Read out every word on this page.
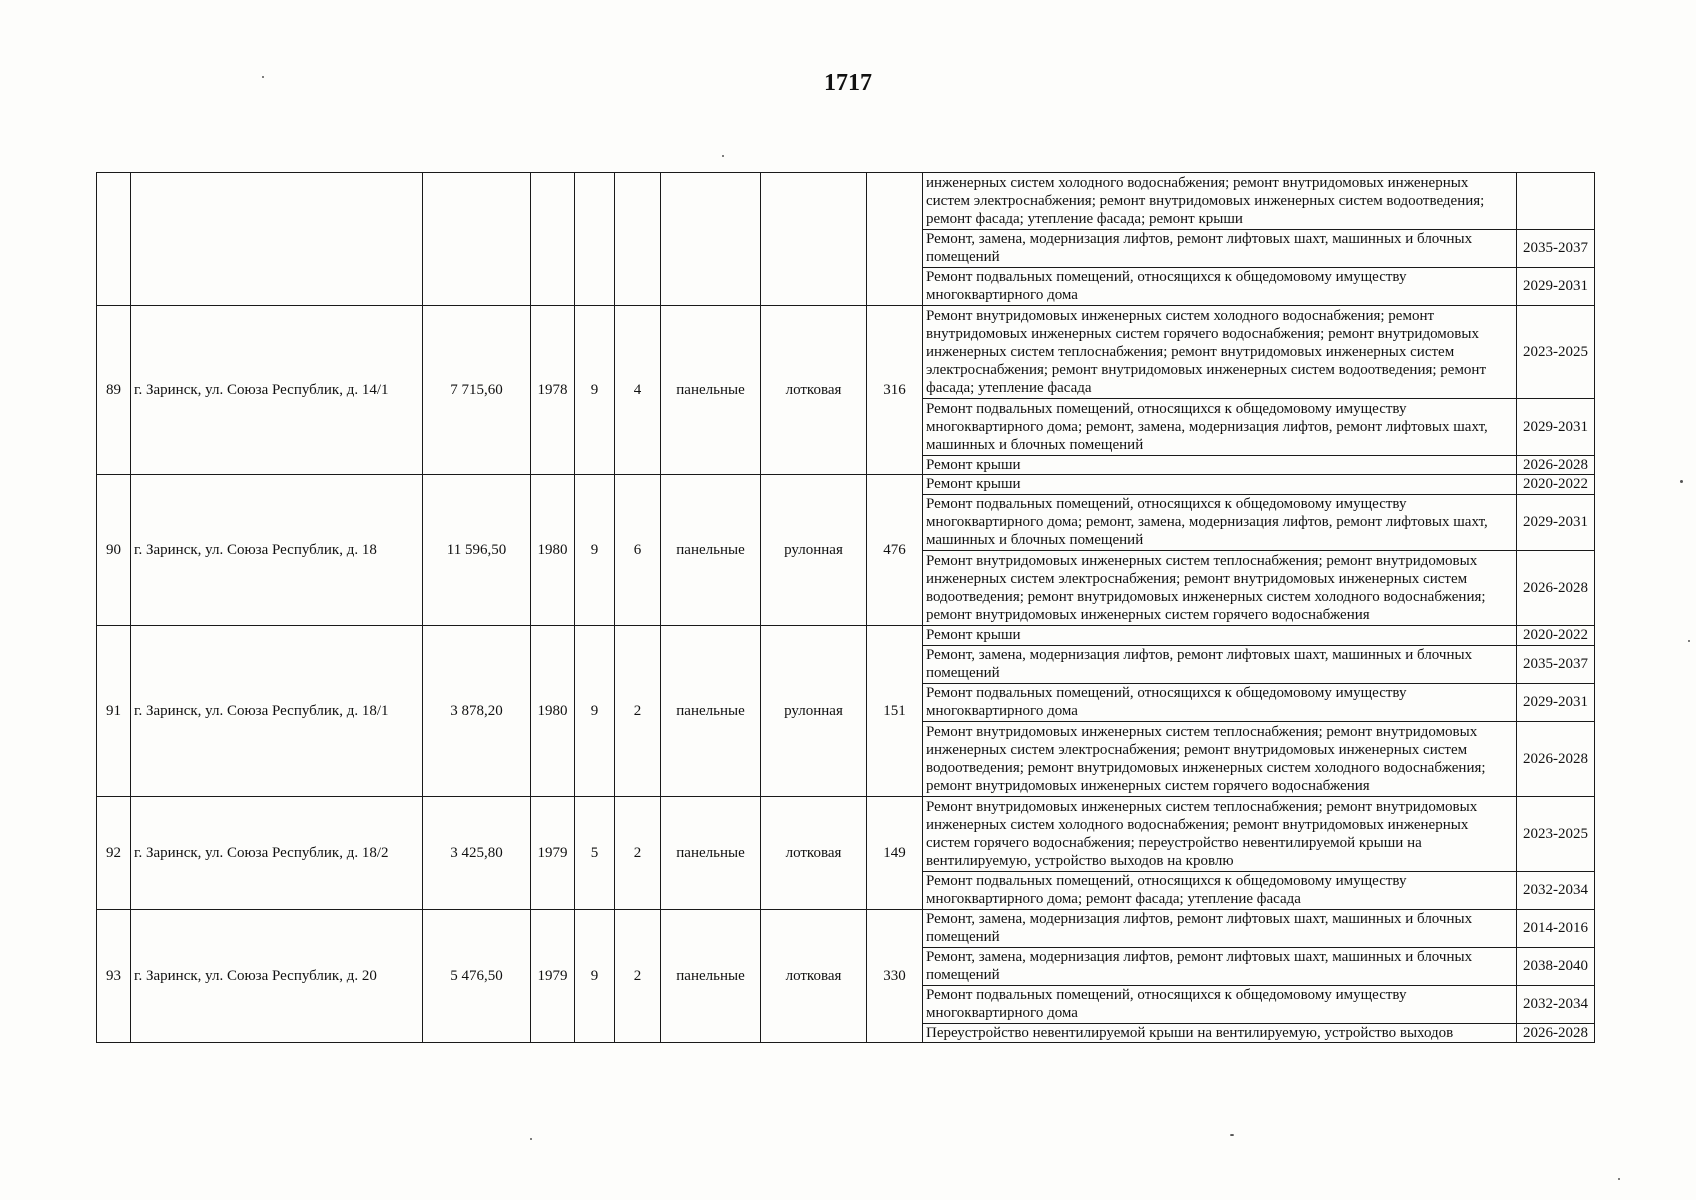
1717
									инженерных систем холодного водоснабжения; ремонт внутридомовых инженерных систем электроснабжения; ремонт внутридомовых инженерных систем водоотведения; ремонт фасада; утепление фасада; ремонт крыши	
									Ремонт, замена, модернизация лифтов, ремонт лифтовых шахт, машинных и блочных помещений	2035-2037
									Ремонт подвальных помещений, относящихся к общедомовому имуществу многоквартирного дома	2029-2031
89	г. Заринск, ул. Союза Республик, д. 14/1	7 715,60	1978	9	4	панельные	лотковая	316	Ремонт внутридомовых инженерных систем холодного водоснабжения; ремонт внутридомовых инженерных систем горячего водоснабжения; ремонт внутридомовых инженерных систем теплоснабжения; ремонт внутридомовых инженерных систем электроснабжения; ремонт внутридомовых инженерных систем водоотведения; ремонт фасада; утепление фасада	2023-2025
									Ремонт подвальных помещений, относящихся к общедомовому имуществу многоквартирного дома; ремонт, замена, модернизация лифтов, ремонт лифтовых шахт, машинных и блочных помещений	2029-2031
									Ремонт крыши	2026-2028
90	г. Заринск, ул. Союза Республик, д. 18	11 596,50	1980	9	6	панельные	рулонная	476	Ремонт крыши	2020-2022
									Ремонт подвальных помещений, относящихся к общедомовому имуществу многоквартирного дома; ремонт, замена, модернизация лифтов, ремонт лифтовых шахт, машинных и блочных помещений	2029-2031
									Ремонт внутридомовых инженерных систем теплоснабжения; ремонт внутридомовых инженерных систем электроснабжения; ремонт внутридомовых инженерных систем водоотведения; ремонт внутридомовых инженерных систем холодного водоснабжения; ремонт внутридомовых инженерных систем горячего водоснабжения	2026-2028
91	г. Заринск, ул. Союза Республик, д. 18/1	3 878,20	1980	9	2	панельные	рулонная	151	Ремонт крыши	2020-2022
									Ремонт, замена, модернизация лифтов, ремонт лифтовых шахт, машинных и блочных помещений	2035-2037
									Ремонт подвальных помещений, относящихся к общедомовому имуществу многоквартирного дома	2029-2031
									Ремонт внутридомовых инженерных систем теплоснабжения; ремонт внутридомовых инженерных систем электроснабжения; ремонт внутридомовых инженерных систем водоотведения; ремонт внутридомовых инженерных систем холодного водоснабжения; ремонт внутридомовых инженерных систем горячего водоснабжения	2026-2028
92	г. Заринск, ул. Союза Республик, д. 18/2	3 425,80	1979	5	2	панельные	лотковая	149	Ремонт внутридомовых инженерных систем теплоснабжения; ремонт внутридомовых инженерных систем холодного водоснабжения; ремонт внутридомовых инженерных систем горячего водоснабжения; переустройство невентилируемой крыши на вентилируемую, устройство выходов на кровлю	2023-2025
									Ремонт подвальных помещений, относящихся к общедомовому имуществу многоквартирного дома; ремонт фасада; утепление фасада	2032-2034
93	г. Заринск, ул. Союза Республик, д. 20	5 476,50	1979	9	2	панельные	лотковая	330	Ремонт, замена, модернизация лифтов, ремонт лифтовых шахт, машинных и блочных помещений	2014-2016
									Ремонт, замена, модернизация лифтов, ремонт лифтовых шахт, машинных и блочных помещений	2038-2040
									Ремонт подвальных помещений, относящихся к общедомовому имуществу многоквартирного дома	2032-2034
									Переустройство невентилируемой крыши на вентилируемую, устройство выходов	2026-2028
